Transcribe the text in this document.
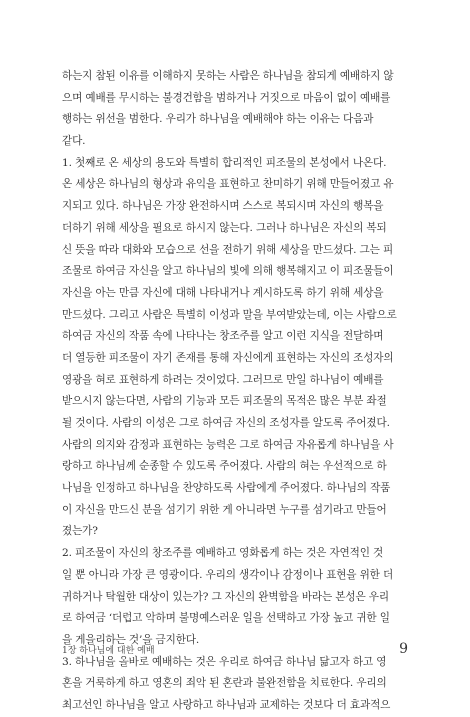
하는지 참된 이유를 이해하지 못하는 사람은 하나님을 참되게 예배하지 않
으며 예배를 무시하는 불경건함을 범하거나 거짓으로 마음이 없이 예배를
행하는 위선을 범한다. 우리가 하나님을 예배해야 하는 이유는 다음과
같다.
1. 첫째로 온 세상의 용도와 특별히 합리적인 피조물의 본성에서 나온다.
온 세상은 하나님의 형상과 유익을 표현하고 찬미하기 위해 만들어졌고 유
지되고 있다. 하나님은 가장 완전하시며 스스로 복되시며 자신의 행복을
더하기 위해 세상을 필요로 하시지 않는다. 그러나 하나님은 자신의 복되
신 뜻을 따라 대화와 모습으로 선을 전하기 위해 세상을 만드셨다. 그는 피
조물로 하여금 자신을 알고 하나님의 빛에 의해 행복해지고 이 피조물들이
자신을 아는 만큼 자신에 대해 나타내거나 계시하도록 하기 위해 세상을
만드셨다. 그리고 사람은 특별히 이성과 말을 부여받았는데, 이는 사람으로
하여금 자신의 작품 속에 나타나는 창조주를 알고 이런 지식을 전달하며
더 열등한 피조물이 자기 존재를 통해 자신에게 표현하는 자신의 조성자의
영광을 혀로 표현하게 하려는 것이었다. 그러므로 만일 하나님이 예배를
받으시지 않는다면, 사람의 기능과 모든 피조물의 목적은 많은 부분 좌절
될 것이다. 사람의 이성은 그로 하여금 자신의 조성자를 알도록 주어졌다.
사람의 의지와 감정과 표현하는 능력은 그로 하여금 자유롭게 하나님을 사
랑하고 하나님께 순종할 수 있도록 주어졌다. 사람의 혀는 우선적으로 하
나님을 인정하고 하나님을 찬양하도록 사람에게 주어졌다. 하나님의 작품
이 자신을 만드신 분을 섬기기 위한 게 아니라면 누구를 섬기라고 만들어
졌는가?
2. 피조물이 자신의 창조주를 예배하고 영화롭게 하는 것은 자연적인 것
일 뿐 아니라 가장 큰 영광이다. 우리의 생각이나 감정이나 표현을 위한 더
귀하거나 탁월한 대상이 있는가? 그 자신의 완벽함을 바라는 본성은 우리
로 하여금 ‘더럽고 악하며 불명예스러운 일을 선택하고 가장 높고 귀한 일
을 게을리하는 것’을 금지한다.
3. 하나님을 올바로 예배하는 것은 우리로 하여금 하나님 닮고자 하고 영
혼을 거룩하게 하고 영혼의 죄악 된 혼란과 불완전함을 치료한다. 우리의
최고선인 하나님을 알고 사랑하고 하나님과 교제하는 것보다 더 효과적으
1장 하나님에 대한 예배	9
